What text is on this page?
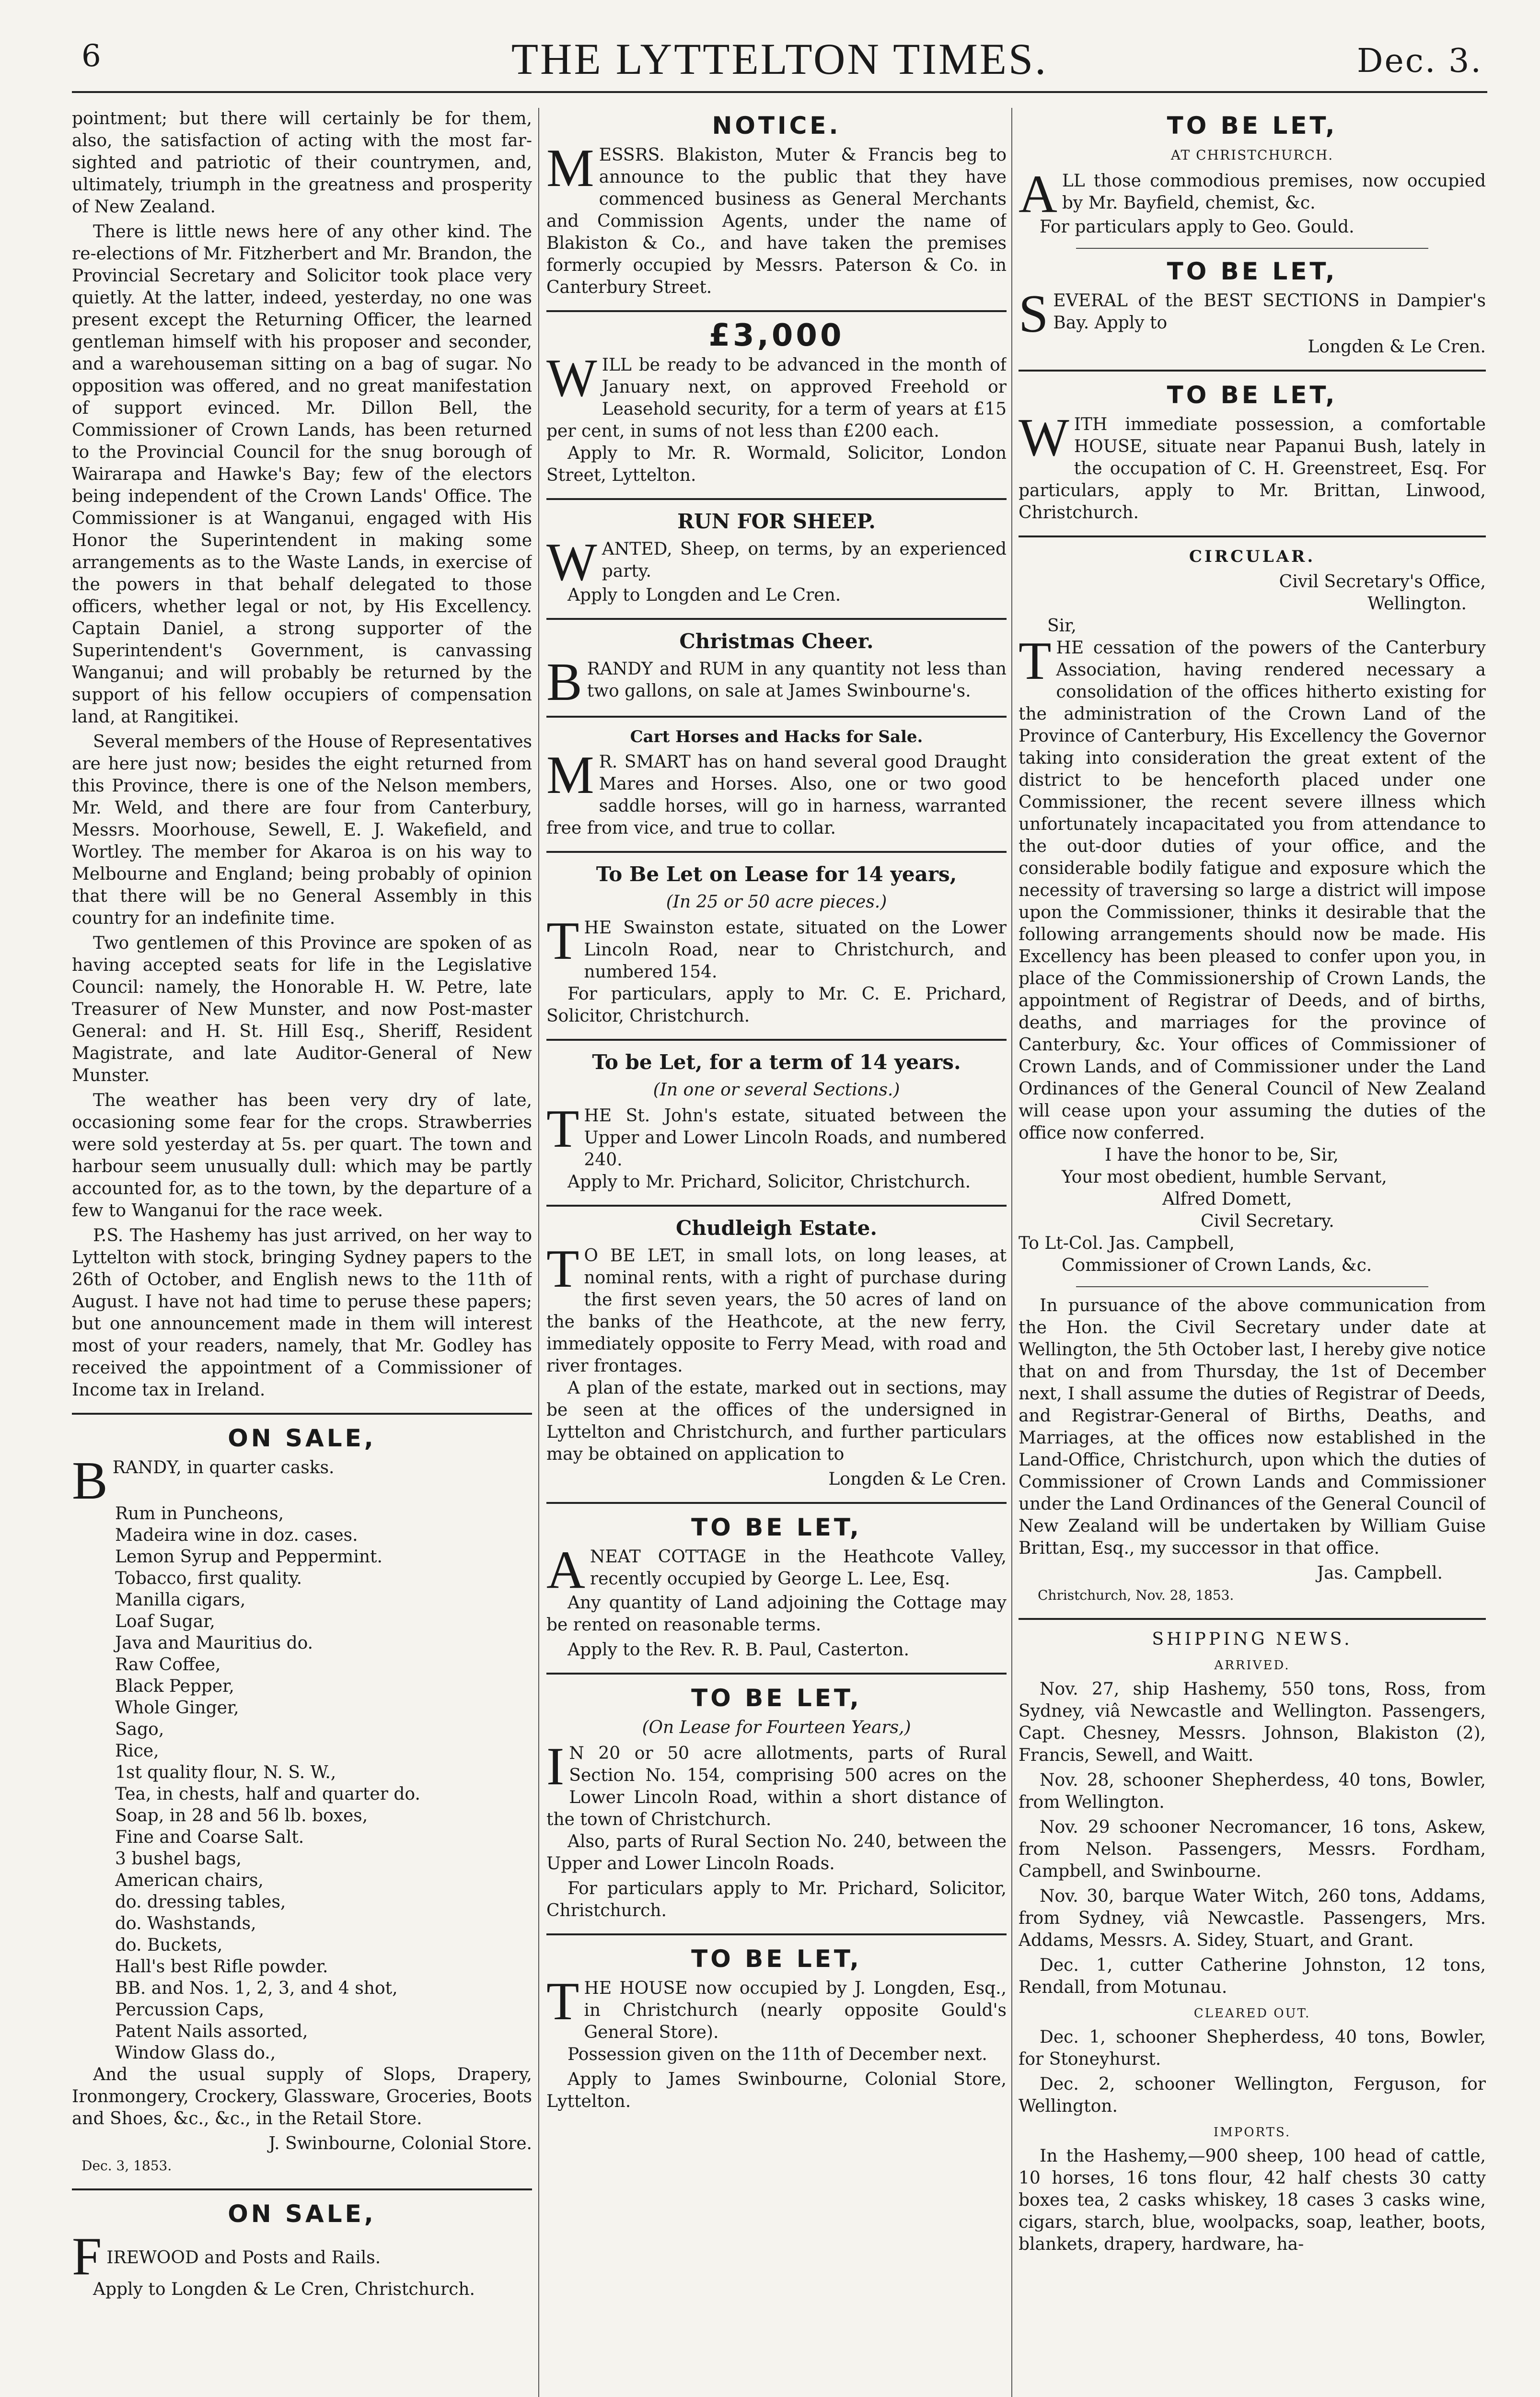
6	THE LYTTELTON TIMES.	Dec. 3.

pointment; but there will certainly be for them, also, the satisfaction of acting with the most far-sighted and patriotic of their countrymen, and, ultimately, triumph in the greatness and prosperity of New Zealand.

There is little news here of any other kind. The re-elections of Mr. Fitzherbert and Mr. Brandon, the Provincial Secretary and Solicitor took place very quietly. At the latter, indeed, yesterday, no one was present except the Returning Officer, the learned gentleman himself with his proposer and seconder, and a warehouseman sitting on a bag of sugar. No opposition was offered, and no great manifestation of support evinced. Mr. Dillon Bell, the Commissioner of Crown Lands, has been returned to the Provincial Council for the snug borough of Wairarapa and Hawke's Bay; few of the electors being independent of the Crown Lands' Office. The Commissioner is at Wanganui, engaged with His Honor the Superintendent in making some arrangements as to the Waste Lands, in exercise of the powers in that behalf delegated to those officers, whether legal or not, by His Excellency. Captain Daniel, a strong supporter of the Superintendent's Government, is canvassing Wanganui; and will probably be returned by the support of his fellow occupiers of compensation land, at Rangitikei.

Several members of the House of Representatives are here just now; besides the eight returned from this Province, there is one of the Nelson members, Mr. Weld, and there are four from Canterbury, Messrs. Moorhouse, Sewell, E. J. Wakefield, and Wortley. The member for Akaroa is on his way to Melbourne and England; being probably of opinion that there will be no General Assembly in this country for an indefinite time.

Two gentlemen of this Province are spoken of as having accepted seats for life in the Legislative Council: namely, the Honorable H. W. Petre, late Treasurer of New Munster, and now Post-master General: and H. St. Hill Esq., Sheriff, Resident Magistrate, and late Auditor-General of New Munster.

The weather has been very dry of late, occasioning some fear for the crops. Strawberries were sold yesterday at 5s. per quart. The town and harbour seem unusually dull: which may be partly accounted for, as to the town, by the departure of a few to Wanganui for the race week.

P.S. The Hashemy has just arrived, on her way to Lyttelton with stock, bringing Sydney papers to the 26th of October, and English news to the 11th of August. I have not had time to peruse these papers; but one announcement made in them will interest most of your readers, namely, that Mr. Godley has received the appointment of a Commissioner of Income tax in Ireland.

ON SALE,
B RANDY, in quarter casks.
Rum in Puncheons,
Madeira wine in doz. cases.
Lemon Syrup and Peppermint.
Tobacco, first quality.
Manilla cigars,
Loaf Sugar,
Java and Mauritius do.
Raw Coffee,
Black Pepper,
Whole Ginger,
Sago,
Rice,
1st quality flour, N. S. W.,
Tea, in chests, half and quarter do.
Soap, in 28 and 56 lb. boxes,
Fine and Coarse Salt.
3 bushel bags,
American chairs,
do. dressing tables,
do. Washstands,
do. Buckets,
Hall's best Rifle powder.
BB. and Nos. 1, 2, 3, and 4 shot,
Percussion Caps,
Patent Nails assorted,
Window Glass do.,

And the usual supply of Slops, Drapery, Ironmongery, Crockery, Glassware, Groceries, Boots and Shoes, &c., &c., in the Retail Store.

J. Swinbourne, Colonial Store.
Dec. 3, 1853.
ON SALE,
F IREWOOD and Posts and Rails.

Apply to Longden & Le Cren, Christchurch.

NOTICE.
M ESSRS. Blakiston, Muter & Francis beg to announce to the public that they have commenced business as General Merchants and Commission Agents, under the name of Blakiston & Co., and have taken the premises formerly occupied by Messrs. Paterson & Co. in Canterbury Street.
£3,000
W ILL be ready to be advanced in the month of January next, on approved Freehold or Leasehold security, for a term of years at £15 per cent, in sums of not less than £200 each.

Apply to Mr. R. Wormald, Solicitor, London Street, Lyttelton.

RUN FOR SHEEP.
W ANTED, Sheep, on terms, by an experienced party.

Apply to Longden and Le Cren.

Christmas Cheer.
B RANDY and RUM in any quantity not less than two gallons, on sale at James Swinbourne's.
Cart Horses and Hacks for Sale.
M R. SMART has on hand several good Draught Mares and Horses. Also, one or two good saddle horses, will go in harness, warranted free from vice, and true to collar.
To Be Let on Lease for 14 years,
(In 25 or 50 acre pieces.)
T HE Swainston estate, situated on the Lower Lincoln Road, near to Christchurch, and numbered 154.

For particulars, apply to Mr. C. E. Prichard, Solicitor, Christchurch.

To be Let, for a term of 14 years.
(In one or several Sections.)
T HE St. John's estate, situated between the Upper and Lower Lincoln Roads, and numbered 240.

Apply to Mr. Prichard, Solicitor, Christchurch.

Chudleigh Estate.
T O BE LET, in small lots, on long leases, at nominal rents, with a right of purchase during the first seven years, the 50 acres of land on the banks of the Heathcote, at the new ferry, immediately opposite to Ferry Mead, with road and river frontages.

A plan of the estate, marked out in sections, may be seen at the offices of the undersigned in Lyttelton and Christchurch, and further particulars may be obtained on application to

Longden & Le Cren.
TO BE LET,
A NEAT COTTAGE in the Heathcote Valley, recently occupied by George L. Lee, Esq.

Any quantity of Land adjoining the Cottage may be rented on reasonable terms.

Apply to the Rev. R. B. Paul, Casterton.

TO BE LET,
(On Lease for Fourteen Years,)
I N 20 or 50 acre allotments, parts of Rural Section No. 154, comprising 500 acres on the Lower Lincoln Road, within a short distance of the town of Christchurch.

Also, parts of Rural Section No. 240, between the Upper and Lower Lincoln Roads.

For particulars apply to Mr. Prichard, Solicitor, Christchurch.

TO BE LET,
T HE HOUSE now occupied by J. Longden, Esq., in Christchurch (nearly opposite Gould's General Store).

Possession given on the 11th of December next.

Apply to James Swinbourne, Colonial Store, Lyttelton.

TO BE LET,
AT CHRISTCHURCH.
A LL those commodious premises, now occupied by Mr. Bayfield, chemist, &c.

For particulars apply to Geo. Gould.

TO BE LET,
S EVERAL of the BEST SECTIONS in Dampier's Bay. Apply to
Longden & Le Cren.
TO BE LET,
W ITH immediate possession, a comfortable HOUSE, situate near Papanui Bush, lately in the occupation of C. H. Greenstreet, Esq. For particulars, apply to Mr. Brittan, Linwood, Christchurch.
CIRCULAR.
Civil Secretary's Office,
Wellington.
Sir,
T HE cessation of the powers of the Canterbury Association, having rendered necessary a consolidation of the offices hitherto existing for the administration of the Crown Land of the Province of Canterbury, His Excellency the Governor taking into consideration the great extent of the district to be henceforth placed under one Commissioner, the recent severe illness which unfortunately incapacitated you from attendance to the out-door duties of your office, and the considerable bodily fatigue and exposure which the necessity of traversing so large a district will impose upon the Commissioner, thinks it desirable that the following arrangements should now be made. His Excellency has been pleased to confer upon you, in place of the Commissionership of Crown Lands, the appointment of Registrar of Deeds, and of births, deaths, and marriages for the province of Canterbury, &c. Your offices of Commissioner of Crown Lands, and of Commissioner under the Land Ordinances of the General Council of New Zealand will cease upon your assuming the duties of the office now conferred.
I have the honor to be, Sir,
Your most obedient, humble Servant,
Alfred Domett,
Civil Secretary.
To Lt-Col. Jas. Campbell,
Commissioner of Crown Lands, &c.

In pursuance of the above communication from the Hon. the Civil Secretary under date at Wellington, the 5th October last, I hereby give notice that on and from Thursday, the 1st of December next, I shall assume the duties of Registrar of Deeds, and Registrar-General of Births, Deaths, and Marriages, at the offices now established in the Land-Office, Christchurch, upon which the duties of Commissioner of Crown Lands and Commissioner under the Land Ordinances of the General Council of New Zealand will be undertaken by William Guise Brittan, Esq., my successor in that office.

Jas. Campbell.
Christchurch, Nov. 28, 1853.
SHIPPING NEWS.
ARRIVED.

Nov. 27, ship Hashemy, 550 tons, Ross, from Sydney, viâ Newcastle and Wellington. Passengers, Capt. Chesney, Messrs. Johnson, Blakiston (2), Francis, Sewell, and Waitt.

Nov. 28, schooner Shepherdess, 40 tons, Bowler, from Wellington.

Nov. 29 schooner Necromancer, 16 tons, Askew, from Nelson. Passengers, Messrs. Fordham, Campbell, and Swinbourne.

Nov. 30, barque Water Witch, 260 tons, Addams, from Sydney, viâ Newcastle. Passengers, Mrs. Addams, Messrs. A. Sidey, Stuart, and Grant.

Dec. 1, cutter Catherine Johnston, 12 tons, Rendall, from Motunau.

CLEARED OUT.

Dec. 1, schooner Shepherdess, 40 tons, Bowler, for Stoneyhurst.

Dec. 2, schooner Wellington, Ferguson, for Wellington.

IMPORTS.

In the Hashemy,—900 sheep, 100 head of cattle, 10 horses, 16 tons flour, 42 half chests 30 catty boxes tea, 2 casks whiskey, 18 cases 3 casks wine, cigars, starch, blue, woolpacks, soap, leather, boots, blankets, drapery, hardware, ha-
